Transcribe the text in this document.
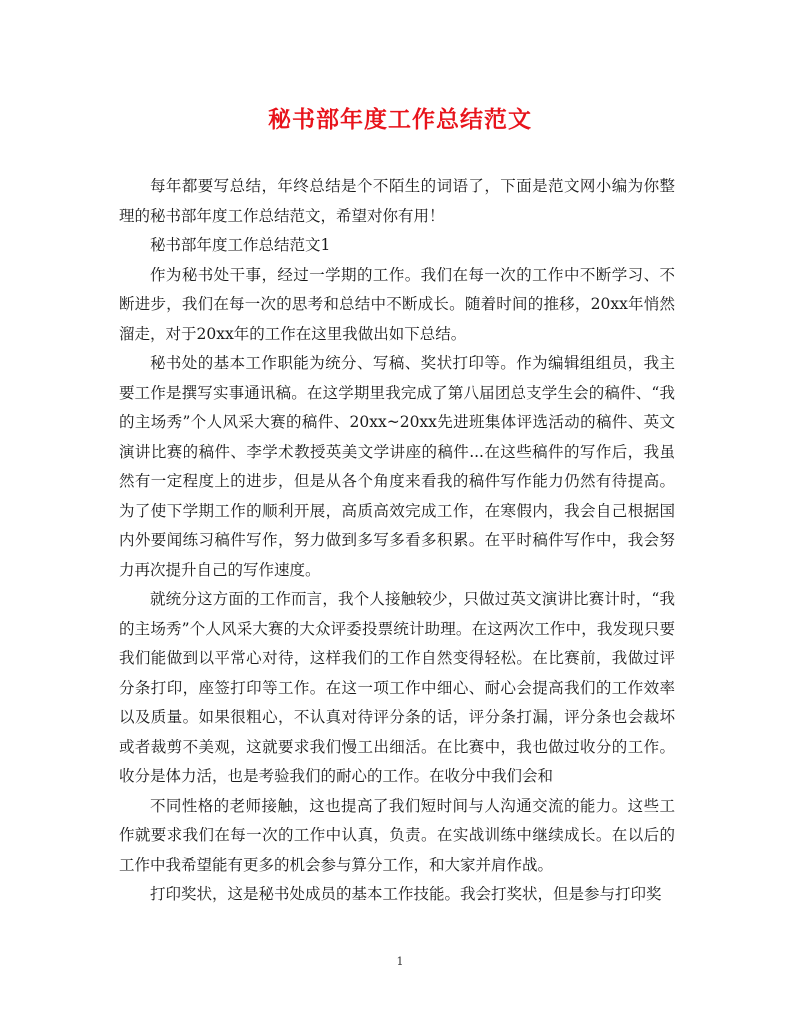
秘书部年度工作总结范文

每年都要写总结，年终总结是个不陌生的词语了，下面是范文网小编为你整理的秘书部年度工作总结范文，希望对你有用！

秘书部年度工作总结范文1

作为秘书处干事，经过一学期的工作。我们在每一次的工作中不断学习、不断进步，我们在每一次的思考和总结中不断成长。随着时间的推移，20xx年悄然溜走，对于20xx年的工作在这里我做出如下总结。

秘书处的基本工作职能为统分、写稿、奖状打印等。作为编辑组组员，我主要工作是撰写实事通讯稿。在这学期里我完成了第八届团总支学生会的稿件、“我的主场秀”个人风采大赛的稿件、20xx~20xx先进班集体评选活动的稿件、英文演讲比赛的稿件、李学术教授英美文学讲座的稿件...在这些稿件的写作后，我虽然有一定程度上的进步，但是从各个角度来看我的稿件写作能力仍然有待提高。为了使下学期工作的顺利开展，高质高效完成工作，在寒假内，我会自己根据国内外要闻练习稿件写作，努力做到多写多看多积累。在平时稿件写作中，我会努力再次提升自己的写作速度。

就统分这方面的工作而言，我个人接触较少，只做过英文演讲比赛计时，“我的主场秀”个人风采大赛的大众评委投票统计助理。在这两次工作中，我发现只要我们能做到以平常心对待，这样我们的工作自然变得轻松。在比赛前，我做过评分条打印，座签打印等工作。在这一项工作中细心、耐心会提高我们的工作效率以及质量。如果很粗心，不认真对待评分条的话，评分条打漏，评分条也会裁坏或者裁剪不美观，这就要求我们慢工出细活。在比赛中，我也做过收分的工作。收分是体力活，也是考验我们的耐心的工作。在收分中我们会和

不同性格的老师接触，这也提高了我们短时间与人沟通交流的能力。这些工作就要求我们在每一次的工作中认真，负责。在实战训练中继续成长。在以后的工作中我希望能有更多的机会参与算分工作，和大家并肩作战。

打印奖状，这是秘书处成员的基本工作技能。我会打奖状，但是参与打印奖

1
